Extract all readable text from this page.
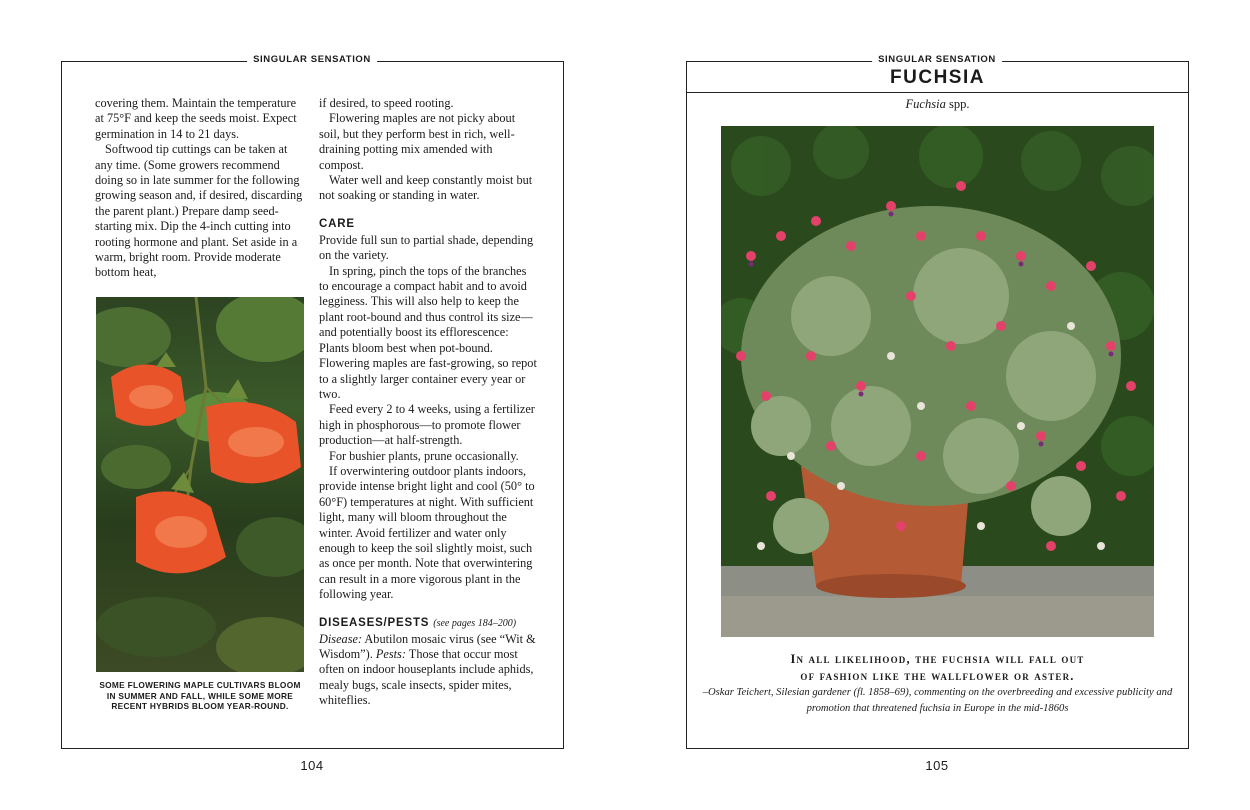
SINGULAR SENSATION

covering them. Maintain the temperature at 75°F and keep the seeds moist. Expect germination in 14 to 21 days.

Softwood tip cuttings can be taken at any time. (Some growers recommend doing so in late summer for the following growing season and, if desired, discarding the parent plant.) Prepare damp seed-starting mix. Dip the 4-inch cutting into rooting hormone and plant. Set aside in a warm, bright room. Provide moderate bottom heat,

SOME FLOWERING MAPLE CULTIVARS BLOOM IN SUMMER AND FALL, WHILE SOME MORE RECENT HYBRIDS BLOOM YEAR-ROUND.

if desired, to speed rooting.

Flowering maples are not picky about soil, but they perform best in rich, well-draining potting mix amended with compost.

Water well and keep constantly moist but not soaking or standing in water.

CARE

Provide full sun to partial shade, depending on the variety.

In spring, pinch the tops of the branches to encourage a compact habit and to avoid legginess. This will also help to keep the plant root-bound and thus control its size—and potentially boost its efflorescence: Plants bloom best when pot-bound. Flowering maples are fast-growing, so repot to a slightly larger container every year or two.

Feed every 2 to 4 weeks, using a fertilizer high in phosphorous—to promote flower production—at half-strength.

For bushier plants, prune occasionally.

If overwintering outdoor plants indoors, provide intense bright light and cool (50° to 60°F) temperatures at night. With sufficient light, many will bloom throughout the winter. Avoid fertilizer and water only enough to keep the soil slightly moist, such as once per month. Note that overwintering can result in a more vigorous plant in the following year.

DISEASES/PESTS (see pages 184–200)

Disease: Abutilon mosaic virus (see “Wit & Wisdom”). Pests: Those that occur most often on indoor houseplants include aphids, mealy bugs, scale insects, spider mites, whiteflies.

104
SINGULAR SENSATION
FUCHSIA
Fuchsia spp.
In all likelihood, the fuchsia will fall out
of fashion like the wallflower or aster.
–Oskar Teichert, Silesian gardener (fl. 1858–69), commenting on the overbreeding and excessive publicity and promotion that threatened fuchsia in Europe in the mid-1860s
105
